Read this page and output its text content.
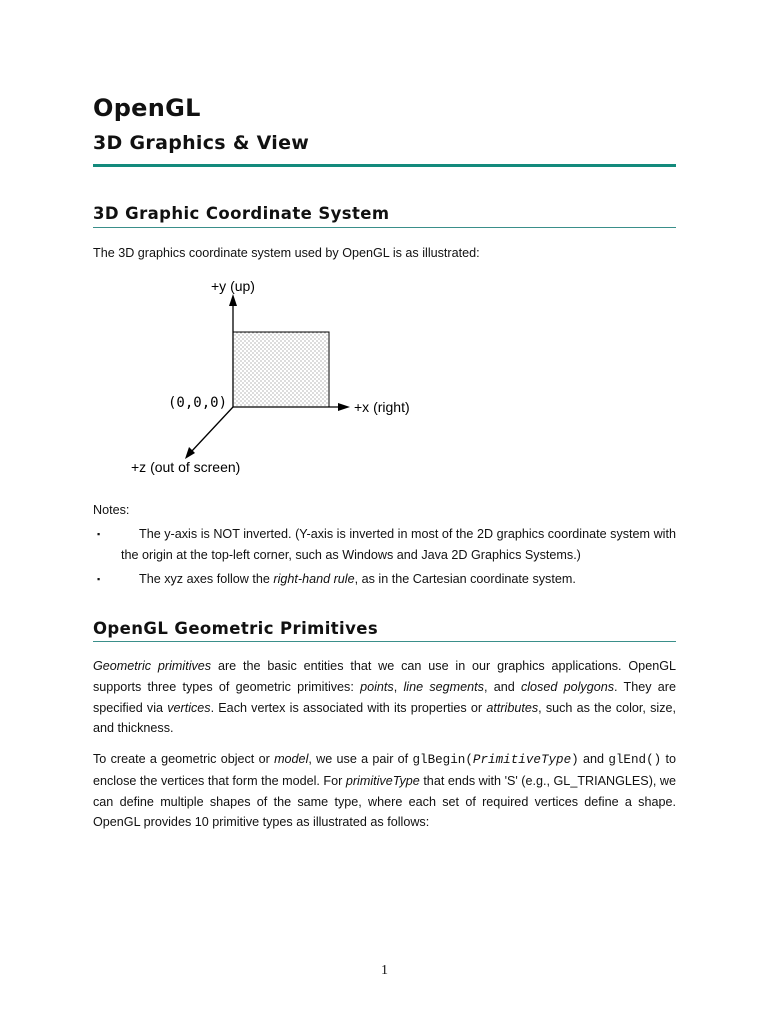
OpenGL
3D Graphics & View
3D Graphic Coordinate System

The 3D graphics coordinate system used by OpenGL is as illustrated:

+y (up)
+x (right)
+z (out of screen)
(0,0,0)

Notes:

▪	The y-axis is NOT inverted. (Y-axis is inverted in most of the 2D graphics coordinate system with the origin at the top-left corner, such as Windows and Java 2D Graphics Systems.)
▪	The xyz axes follow the right-hand rule, as in the Cartesian coordinate system.
OpenGL Geometric Primitives

Geometric primitives are the basic entities that we can use in our graphics applications. OpenGL supports three types of geometric primitives: points, line segments, and closed polygons. They are specified via vertices. Each vertex is associated with its properties or attributes, such as the color, size, and thickness.

To create a geometric object or model, we use a pair of glBegin(PrimitiveType) and glEnd() to enclose the vertices that form the model. For primitiveType that ends with 'S' (e.g., GL_TRIANGLES), we can define multiple shapes of the same type, where each set of required vertices define a shape. OpenGL provides 10 primitive types as illustrated as follows:

1
